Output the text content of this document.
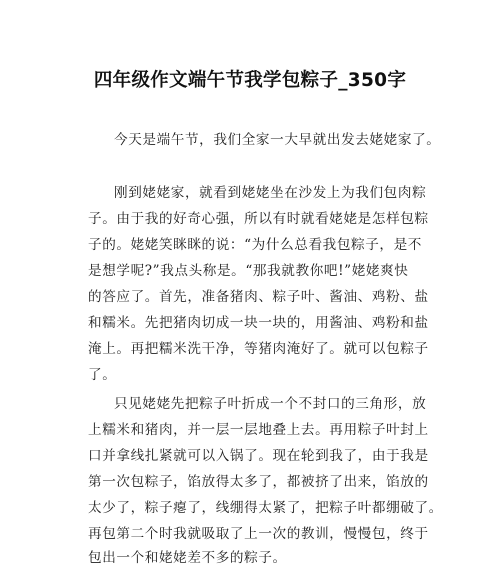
四年级作文端午节我学包粽子_350字
今天是端午节，我们全家一大早就出发去姥姥家了。
刚到姥姥家，就看到姥姥坐在沙发上为我们包肉粽
子。由于我的好奇心强，所以有时就看姥姥是怎样包粽
子的。姥姥笑眯眯的说：“为什么总看我包粽子，是不
是想学呢?”我点头称是。“那我就教你吧!”姥姥爽快
的答应了。首先，准备猪肉、粽子叶、酱油、鸡粉、盐
和糯米。先把猪肉切成一块一块的，用酱油、鸡粉和盐
淹上。再把糯米洗干净，等猪肉淹好了。就可以包粽子
了。
只见姥姥先把粽子叶折成一个不封口的三角形，放
上糯米和猪肉，并一层一层地叠上去。再用粽子叶封上
口并拿线扎紧就可以入锅了。现在轮到我了，由于我是
第一次包粽子，馅放得太多了，都被挤了出来，馅放的
太少了，粽子瘪了，线绷得太紧了，把粽子叶都绷破了。
再包第二个时我就吸取了上一次的教训，慢慢包，终于
包出一个和姥姥差不多的粽子。
